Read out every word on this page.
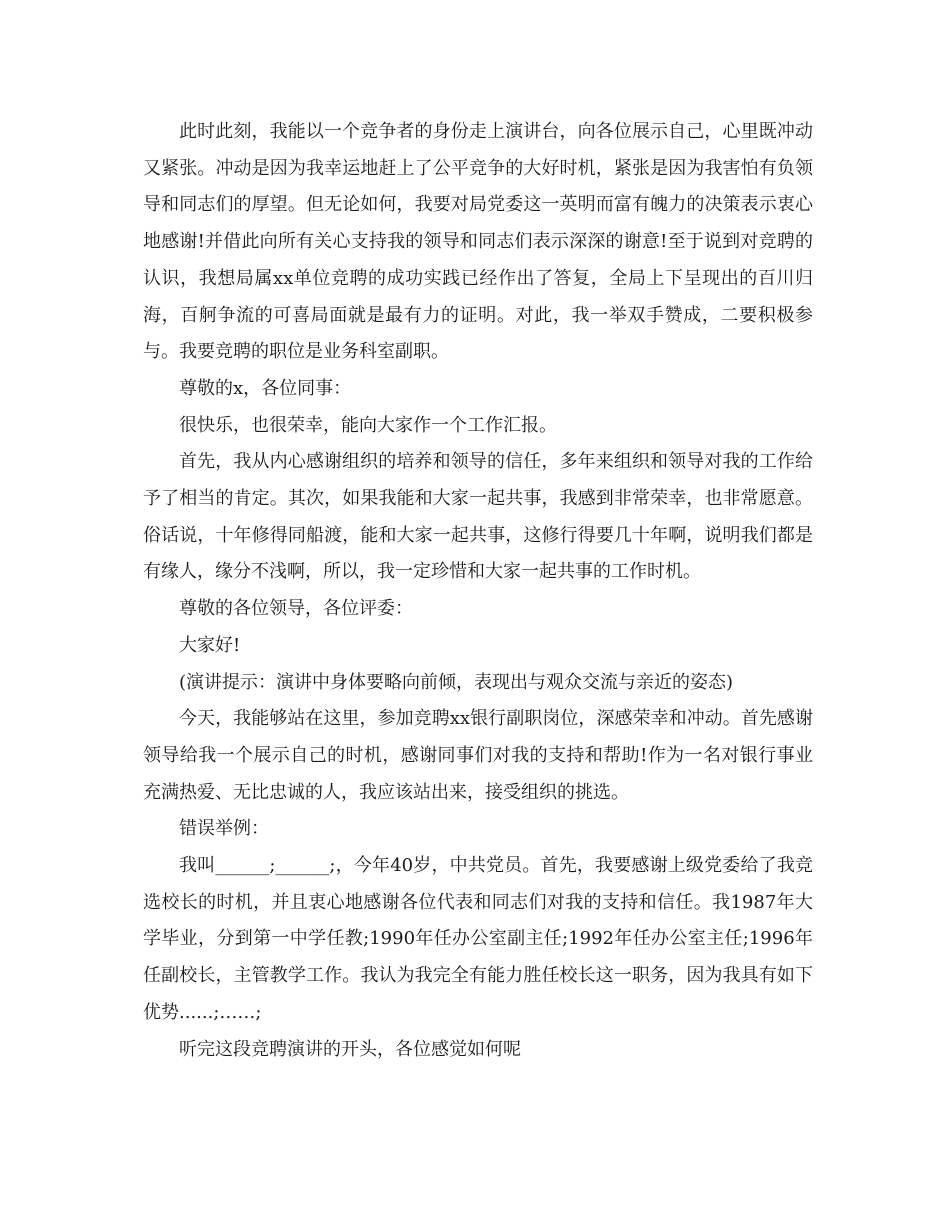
此时此刻，我能以一个竞争者的身份走上演讲台，向各位展示自己，心里既冲动又紧张。冲动是因为我幸运地赶上了公平竞争的大好时机，紧张是因为我害怕有负领导和同志们的厚望。但无论如何，我要对局党委这一英明而富有魄力的决策表示衷心地感谢!并借此向所有关心支持我的领导和同志们表示深深的谢意!至于说到对竞聘的认识，我想局属xx单位竞聘的成功实践已经作出了答复，全局上下呈现出的百川归海，百舸争流的可喜局面就是最有力的证明。对此，我一举双手赞成，二要积极参与。我要竞聘的职位是业务科室副职。

尊敬的x，各位同事：

很快乐，也很荣幸，能向大家作一个工作汇报。

首先，我从内心感谢组织的培养和领导的信任，多年来组织和领导对我的工作给予了相当的肯定。其次，如果我能和大家一起共事，我感到非常荣幸，也非常愿意。俗话说，十年修得同船渡，能和大家一起共事，这修行得要几十年啊，说明我们都是有缘人，缘分不浅啊，所以，我一定珍惜和大家一起共事的工作时机。

尊敬的各位领导，各位评委：

大家好!

(演讲提示：演讲中身体要略向前倾，表现出与观众交流与亲近的姿态)

今天，我能够站在这里，参加竞聘xx银行副职岗位，深感荣幸和冲动。首先感谢领导给我一个展示自己的时机，感谢同事们对我的支持和帮助!作为一名对银行事业充满热爱、无比忠诚的人，我应该站出来，接受组织的挑选。

错误举例：

我叫______;______;，今年40岁，中共党员。首先，我要感谢上级党委给了我竞选校长的时机，并且衷心地感谢各位代表和同志们对我的支持和信任。我1987年大学毕业，分到第一中学任教;1990年任办公室副主任;1992年任办公室主任;1996年任副校长，主管教学工作。我认为我完全有能力胜任校长这一职务，因为我具有如下优势......;……;

听完这段竞聘演讲的开头，各位感觉如何呢
